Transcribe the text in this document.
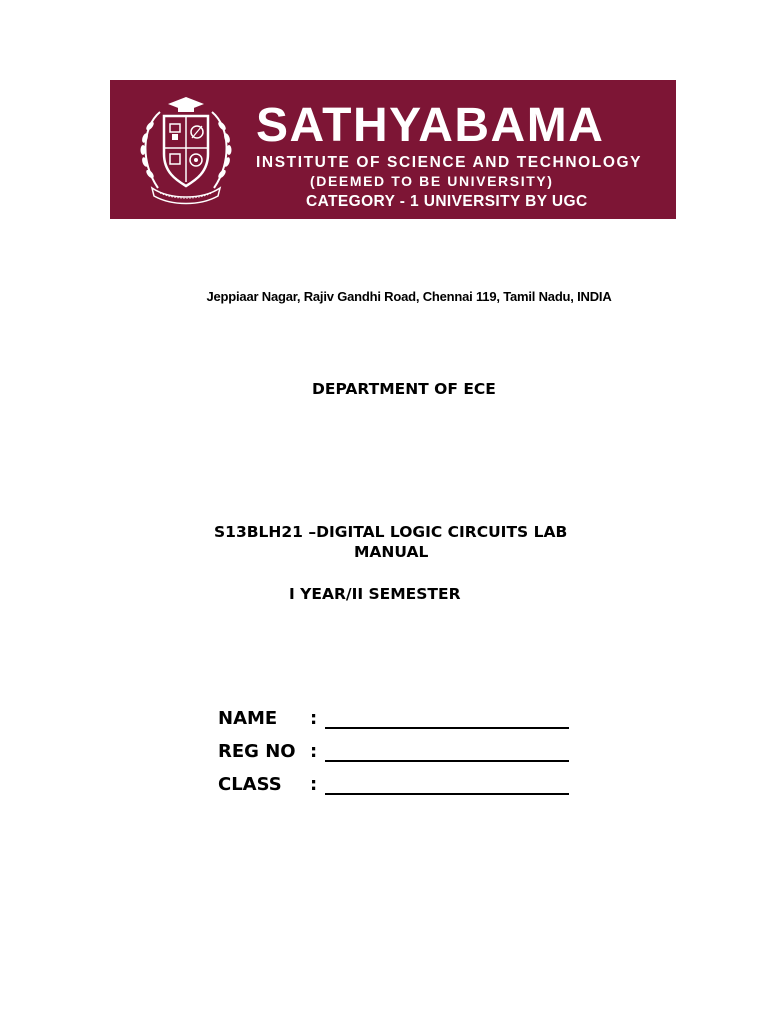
SATHYABAMA
INSTITUTE OF SCIENCE AND TECHNOLOGY
(DEEMED TO BE UNIVERSITY)
CATEGORY - 1 UNIVERSITY BY UGC
Jeppiaar Nagar, Rajiv Gandhi Road, Chennai 119, Tamil Nadu, INDIA
DEPARTMENT OF ECE
S13BLH21 –DIGITAL LOGIC CIRCUITS LAB
MANUAL
I YEAR/II SEMESTER
NAME :
REG NO :
CLASS :
